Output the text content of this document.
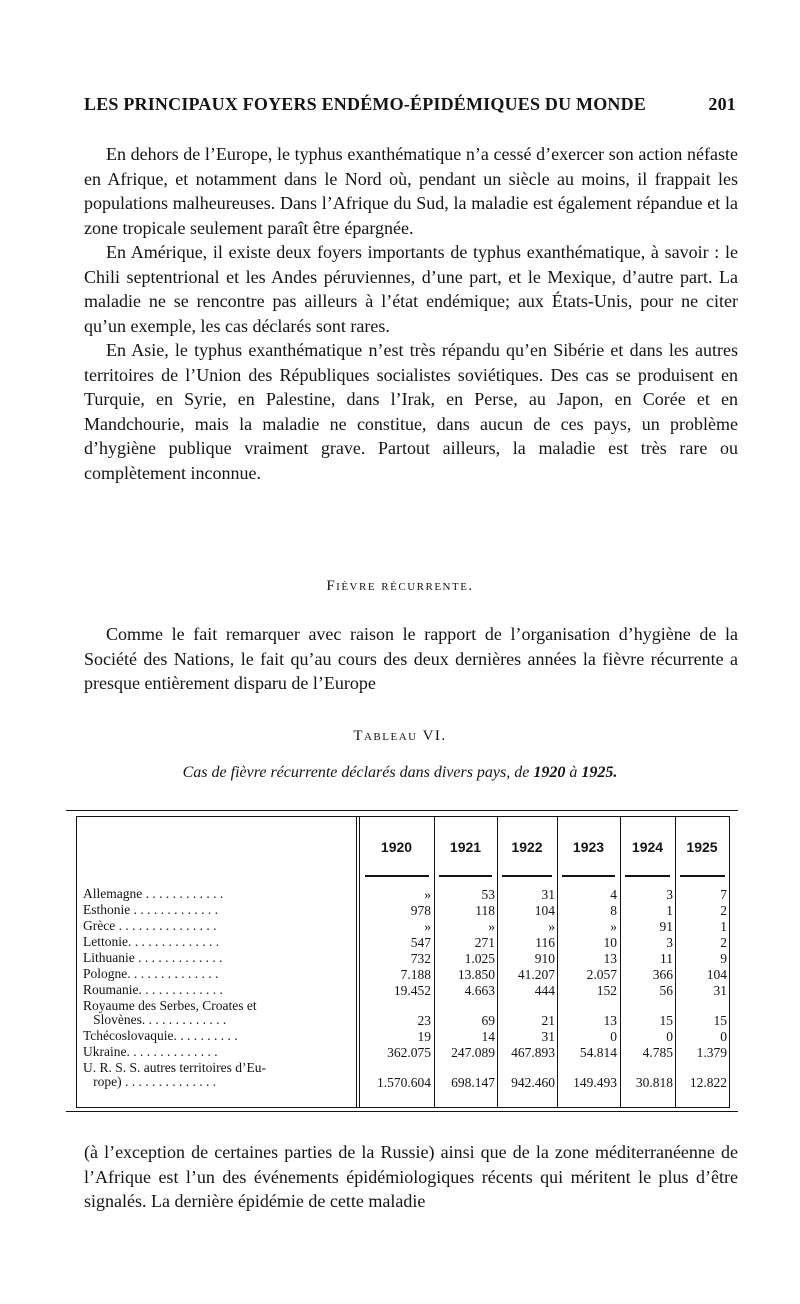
LES PRINCIPAUX FOYERS ENDÉMO-ÉPIDÉMIQUES DU MONDE	201

En dehors de l’Europe, le typhus exanthématique n’a cessé d’exercer son action néfaste en Afrique, et notamment dans le Nord où, pendant un siècle au moins, il frappait les populations malheureuses. Dans l’Afrique du Sud, la maladie est également répandue et la zone tropicale seulement paraît être épargnée.

En Amérique, il existe deux foyers importants de typhus exanthématique, à savoir : le Chili septentrional et les Andes péruviennes, d’une part, et le Mexique, d’autre part. La maladie ne se rencontre pas ailleurs à l’état endémique; aux États-Unis, pour ne citer qu’un exemple, les cas déclarés sont rares.

En Asie, le typhus exanthématique n’est très répandu qu’en Sibérie et dans les autres territoires de l’Union des Républiques socialistes soviétiques. Des cas se produisent en Turquie, en Syrie, en Palestine, dans l’Irak, en Perse, au Japon, en Corée et en Mandchourie, mais la maladie ne constitue, dans aucun de ces pays, un problème d’hygiène publique vraiment grave. Partout ailleurs, la maladie est très rare ou complètement inconnue.

Fièvre récurrente.

Comme le fait remarquer avec raison le rapport de l’organisation d’hygiène de la Société des Nations, le fait qu’au cours des deux dernières années la fièvre récurrente a presque entièrement disparu de l’Europe

Tableau VI.
Cas de fièvre récurrente déclarés dans divers pays, de 1920 à 1925.
1920	1921	1922	1923	1924	1925
Allemagne . . . . . . . . . . . .	»	53	31	4	3	7
Esthonie . . . . . . . . . . . . .	978	118	104	8	1	2
Grèce . . . . . . . . . . . . . . .	»	»	»	»	91	1
Lettonie. . . . . . . . . . . . . .	547	271	116	10	3	2
Lithuanie . . . . . . . . . . . . .	732	1.025	910	13	11	9
Pologne. . . . . . . . . . . . . .	7.188	13.850	41.207	2.057	366	104
Roumanie. . . . . . . . . . . . .	19.452	4.663	444	152	56	31
Royaume des Serbes, Croates et
Slovènes. . . . . . . . . . . . .	23	69	21	13	15	15
Tchécoslovaquie. . . . . . . . . .	19	14	31	0	0	0
Ukraine. . . . . . . . . . . . . .	362.075	247.089	467.893	54.814	4.785	1.379
U. R. S. S. autres territoires d’Eu-
rope) . . . . . . . . . . . . . .	1.570.604	698.147	942.460	149.493	30.818	12.822

(à l’exception de certaines parties de la Russie) ainsi que de la zone méditerranéenne de l’Afrique est l’un des événements épidémiologiques récents qui méritent le plus d’être signalés. La dernière épidémie de cette maladie
